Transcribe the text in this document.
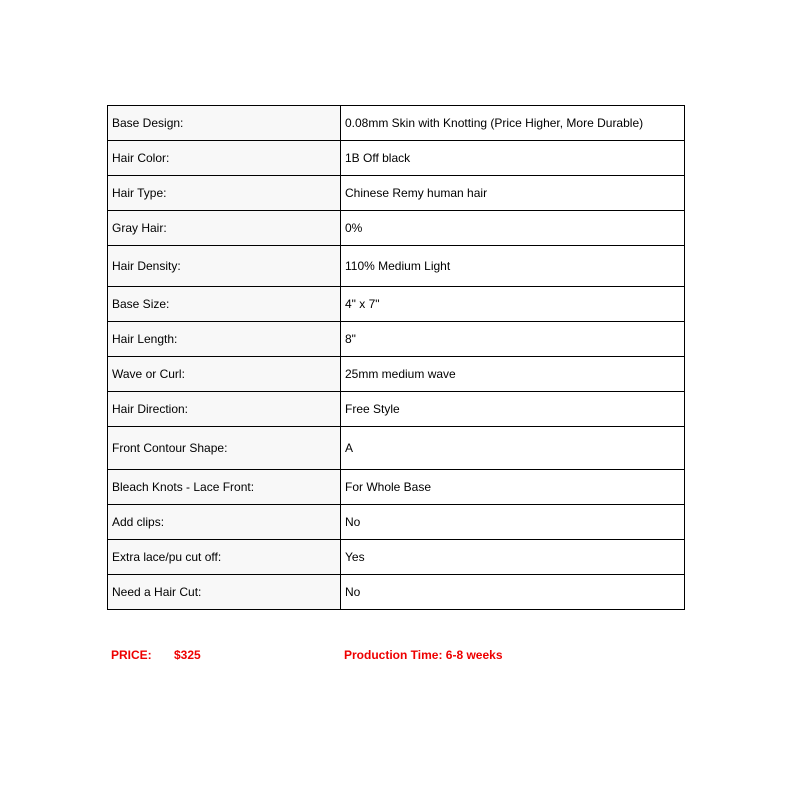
Base Design:	0.08mm Skin with Knotting (Price Higher, More Durable)
Hair Color:	1B Off black
Hair Type:	Chinese Remy human hair
Gray Hair:	0%
Hair Density:	110% Medium Light
Base Size:	4" x 7"
Hair Length:	8"
Wave or Curl:	25mm medium wave
Hair Direction:	Free Style
Front Contour Shape:	A
Bleach Knots - Lace Front:	For Whole Base
Add clips:	No
Extra lace/pu cut off:	Yes
Need a Hair Cut:	No
PRICE: $325	Production Time: 6-8 weeks
